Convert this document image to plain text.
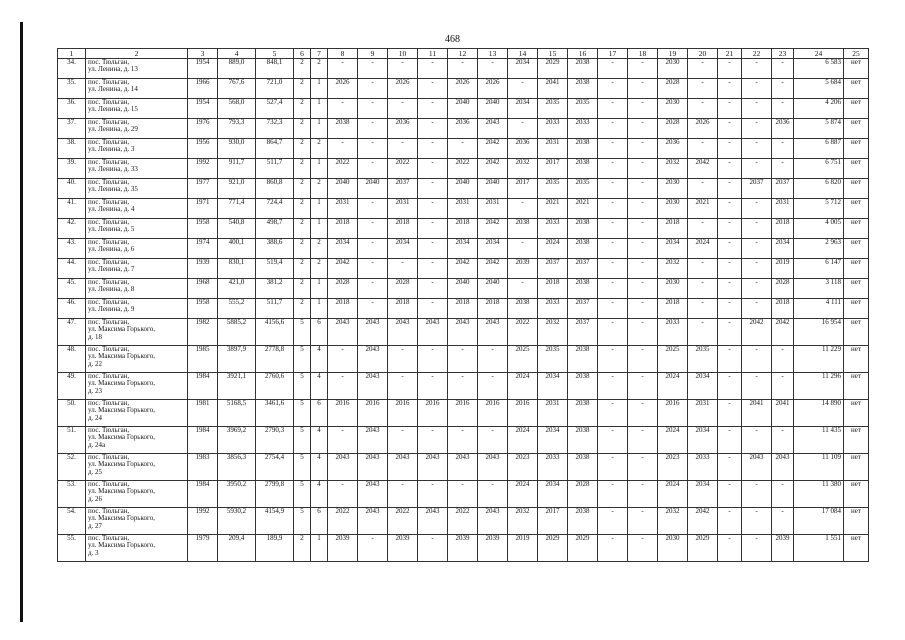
468
1	2	3	4	5	6	7	8	9	10	11	12	13	14	15	16	17	18	19	20	21	22	23	24	25
34.	пос. Тюльган,
ул. Ленина, д. 13	1954	889,0	848,1	2	2	-	-	-	-	-	-	2034	2029	2038	-	-	2030	-	-	-	-	6 583	нет
35.	пос. Тюльган,
ул. Ленина, д. 14	1966	767,6	721,0	2	1	2026	-	2026	-	2026	2026	-	2041	2038	-	-	2028	-	-	-	-	5 684	нет
36.	пос. Тюльган,
ул. Ленина, д. 15	1954	568,0	527,4	2	1	-	-	-	-	2040	2040	2034	2035	2035	-	-	2030	-	-	-	-	4 206	нет
37.	пос. Тюльган,
ул. Ленина, д. 29	1976	793,3	732,3	2	1	2038	-	2036	-	2036	2043	-	2033	2033	-	-	2028	2026	-	-	2036	5 874	нет
38.	пос. Тюльган,
ул. Ленина, д. 3	1956	930,0	864,7	2	2	-	-	-	-	-	2042	2036	2031	2038	-	-	2036	-	-	-	-	6 887	нет
39.	пос. Тюльган,
ул. Ленина, д. 33	1992	911,7	511,7	2	1	2022	-	2022	-	2022	2042	2032	2017	2038	-	-	2032	2042	-	-	-	6 751	нет
40.	пос. Тюльган,
ул. Ленина, д. 35	1977	921,0	860,8	2	2	2040	2040	2037	-	2040	2040	2017	2035	2035	-	-	2030	-	-	2037	2037	6 820	нет
41.	пос. Тюльган,
ул. Ленина, д. 4	1971	771,4	724,4	2	1	2031	-	2031	-	2031	2031	-	2021	2021	-	-	2030	2021	-	-	2031	5 712	нет
42.	пос. Тюльган,
ул. Ленина, д. 5	1958	540,8	498,7	2	1	2018	-	2018	-	2018	2042	2038	2033	2038	-	-	2018	-	-	-	2018	4 005	нет
43.	пос. Тюльган,
ул. Ленина, д. 6	1974	400,1	388,6	2	2	2034	-	2034	-	2034	2034	-	2024	2038	-	-	2034	2024	-	-	2034	2 963	нет
44.	пос. Тюльган,
ул. Ленина, д. 7	1939	830,1	519,4	2	2	2042	-	-	-	2042	2042	2039	2037	2037	-	-	2032	-	-	-	2019	6 147	нет
45.	пос. Тюльган,
ул. Ленина, д. 8	1968	421,0	381,2	2	1	2028	-	2028	-	2040	2040	-	2018	2038	-	-	2030	-	-	-	2028	3 118	нет
46.	пос. Тюльган,
ул. Ленина, д. 9	1958	555,2	511,7	2	1	2018	-	2018	-	2018	2018	2038	2033	2037	-	-	2018	-	-	-	2018	4 111	нет
47.	пос. Тюльган,
ул. Максима Горького,
д. 18	1982	5885,2	4156,6	5	6	2043	2043	2043	2043	2043	2043	2022	2032	2037	-	-	2033	-	-	2042	2042	16 954	нет
48.	пос. Тюльган,
ул. Максима Горького,
д. 22	1985	3897,9	2778,8	5	4	-	2043	-	-	-	-	2025	2035	2038	-	-	2025	2035	-	-	-	11 229	нет
49.	пос. Тюльган,
ул. Максима Горького,
д. 23	1984	3921,1	2760,6	5	4	-	2043	-	-	-	-	2024	2034	2038	-	-	2024	2034	-	-	-	11 296	нет
50.	пос. Тюльган,
ул. Максима Горького,
д. 24	1981	5168,5	3461,6	5	6	2016	2016	2016	2016	2016	2016	2016	2031	2038	-	-	2016	2031	-	2041	2041	14 890	нет
51.	пос. Тюльган,
ул. Максима Горького,
д. 24а	1984	3969,2	2790,3	5	4	-	2043	-	-	-	-	2024	2034	2038	-	-	2024	2034	-	-	-	11 435	нет
52.	пос. Тюльган,
ул. Максима Горького,
д. 25	1983	3856,3	2754,4	5	4	2043	2043	2043	2043	2043	2043	2023	2033	2038	-	-	2023	2033	-	2043	2043	11 109	нет
53.	пос. Тюльган,
ул. Максима Горького,
д. 26	1984	3950,2	2799,8	5	4	-	2043	-	-	-	-	2024	2034	2028	-	-	2024	2034	-	-	-	11 380	нет
54.	пос. Тюльган,
ул. Максима Горького,
д. 27	1992	5930,2	4154,9	5	6	2022	2043	2022	2043	2022	2043	2032	2017	2038	-	-	2032	2042	-	-	-	17 084	нет
55.	пос. Тюльган,
ул. Максима Горького,
д. 3	1979	209,4	189,9	2	1	2039	-	2039	-	2039	2039	2019	2029	2029	-	-	2030	2029	-	-	2039	1 551	нет
